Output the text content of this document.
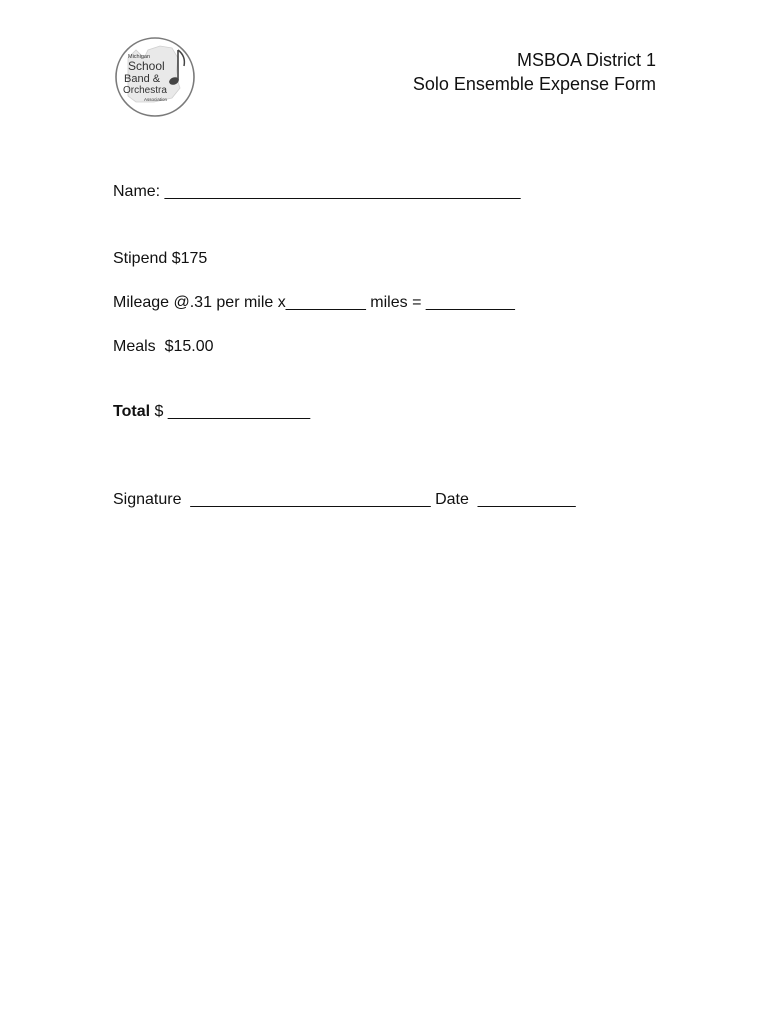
Michigan
School
Band &
Orchestra
Association
MSBOA District 1
Solo Ensemble Expense Form
Name: ________________________________________
Stipend $175
Mileage @.31 per mile x_________ miles = __________
Meals  $15.00
Total $ ________________
Signature  ___________________________ Date  ___________
